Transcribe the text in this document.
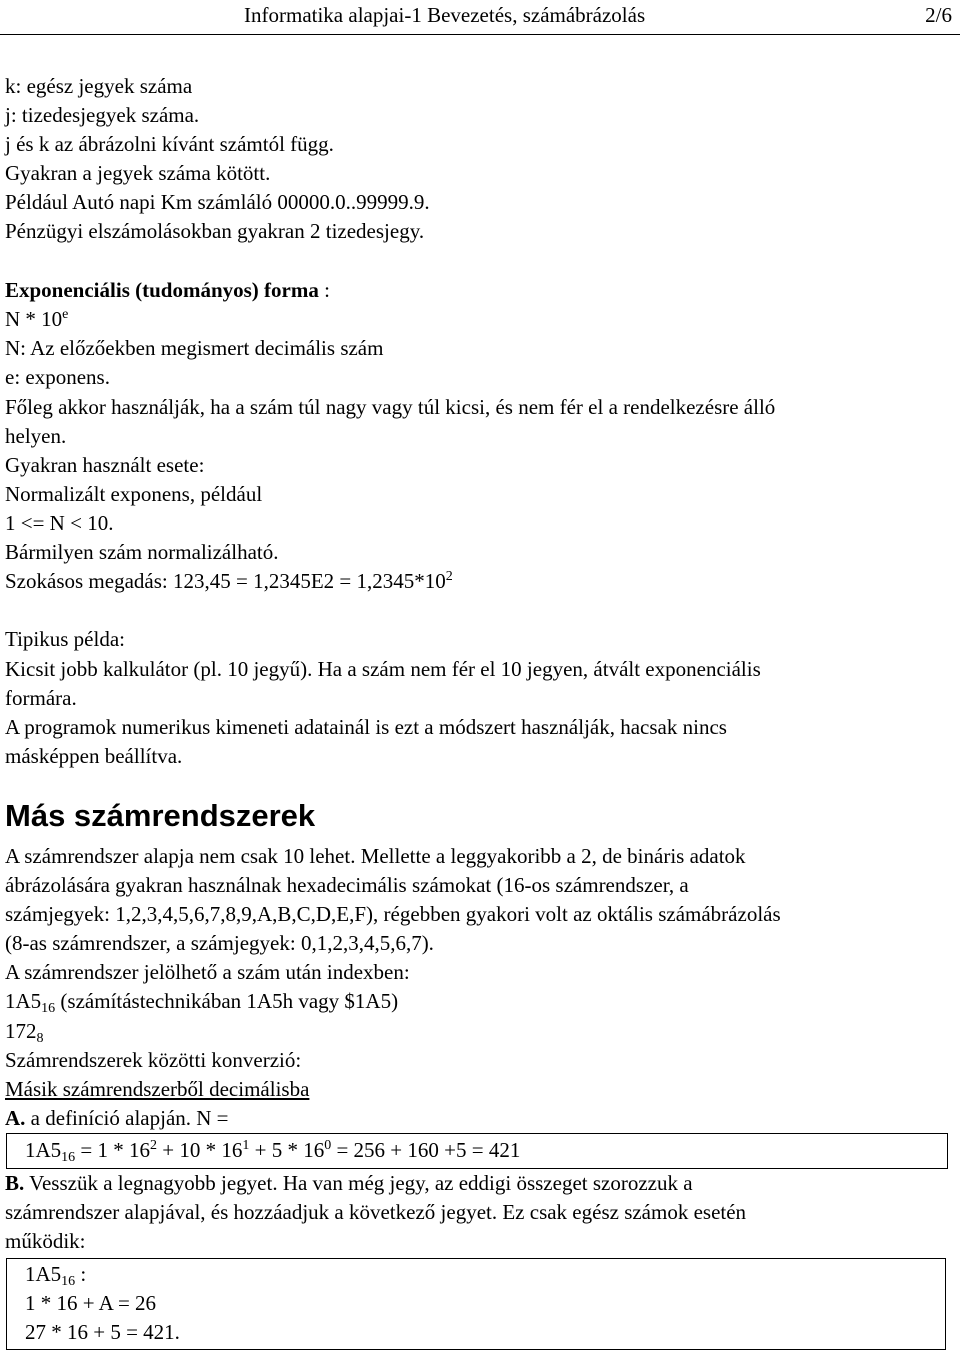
Informatika alapjai-1 Bevezetés, számábrázolás	2/6
k: egész jegyek száma
j: tizedesjegyek száma.
j és k az ábrázolni kívánt számtól függ.
Gyakran a jegyek száma kötött.
Például Autó napi Km számláló 00000.0..99999.9.
Pénzügyi elszámolásokban gyakran 2 tizedesjegy.
Exponenciális (tudományos) forma :
N * 10e
N: Az előzőekben megismert decimális szám
e: exponens.
Főleg akkor használják, ha a szám túl nagy vagy túl kicsi, és nem fér el a rendelkezésre álló
helyen.
Gyakran használt esete:
Normalizált exponens, például
1 <= N < 10.
Bármilyen szám normalizálható.
Szokásos megadás: $123,45 = 1,2345E2 = 1,2345*10^2$
Tipikus példa:
Kicsit jobb kalkulátor (pl. 10 jegyű). Ha a szám nem fér el 10 jegyen, átvált exponenciális
formára.
A programok numerikus kimeneti adatainál is ezt a módszert használják, hacsak nincs
másképpen beállítva.
Más számrendszerek
A számrendszer alapja nem csak 10 lehet. Mellette a leggyakoribb a 2, de bináris adatok
ábrázolására gyakran használnak hexadecimális számokat (16-os számrendszer, a
számjegyek: 1,2,3,4,5,6,7,8,9,A,B,C,D,E,F), régebben gyakori volt az oktális számábrázolás
(8-as számrendszer, a számjegyek: 0,1,2,3,4,5,6,7).
A számrendszer jelölhető a szám után indexben:
$1A5_{16}$ (számítástechnikában 1A5h vagy $1A5)
$172_8$
Számrendszerek közötti konverzió:
Másik számrendszerből decimálisba
A. a definíció alapján. N =
$1A5_{16} = 1 * 16^2 + 10 * 16^1 + 5 * 16^0 = 256 + 160 +5 = 421$
B. Vesszük a legnagyobb jegyet. Ha van még jegy, az eddigi összeget szorozzuk a
számrendszer alapjával, és hozzáadjuk a következő jegyet. Ez csak egész számok esetén
működik:
$1A5_{16}$ :
1 * 16 + A = 26
27 * 16 + 5 = 421.
